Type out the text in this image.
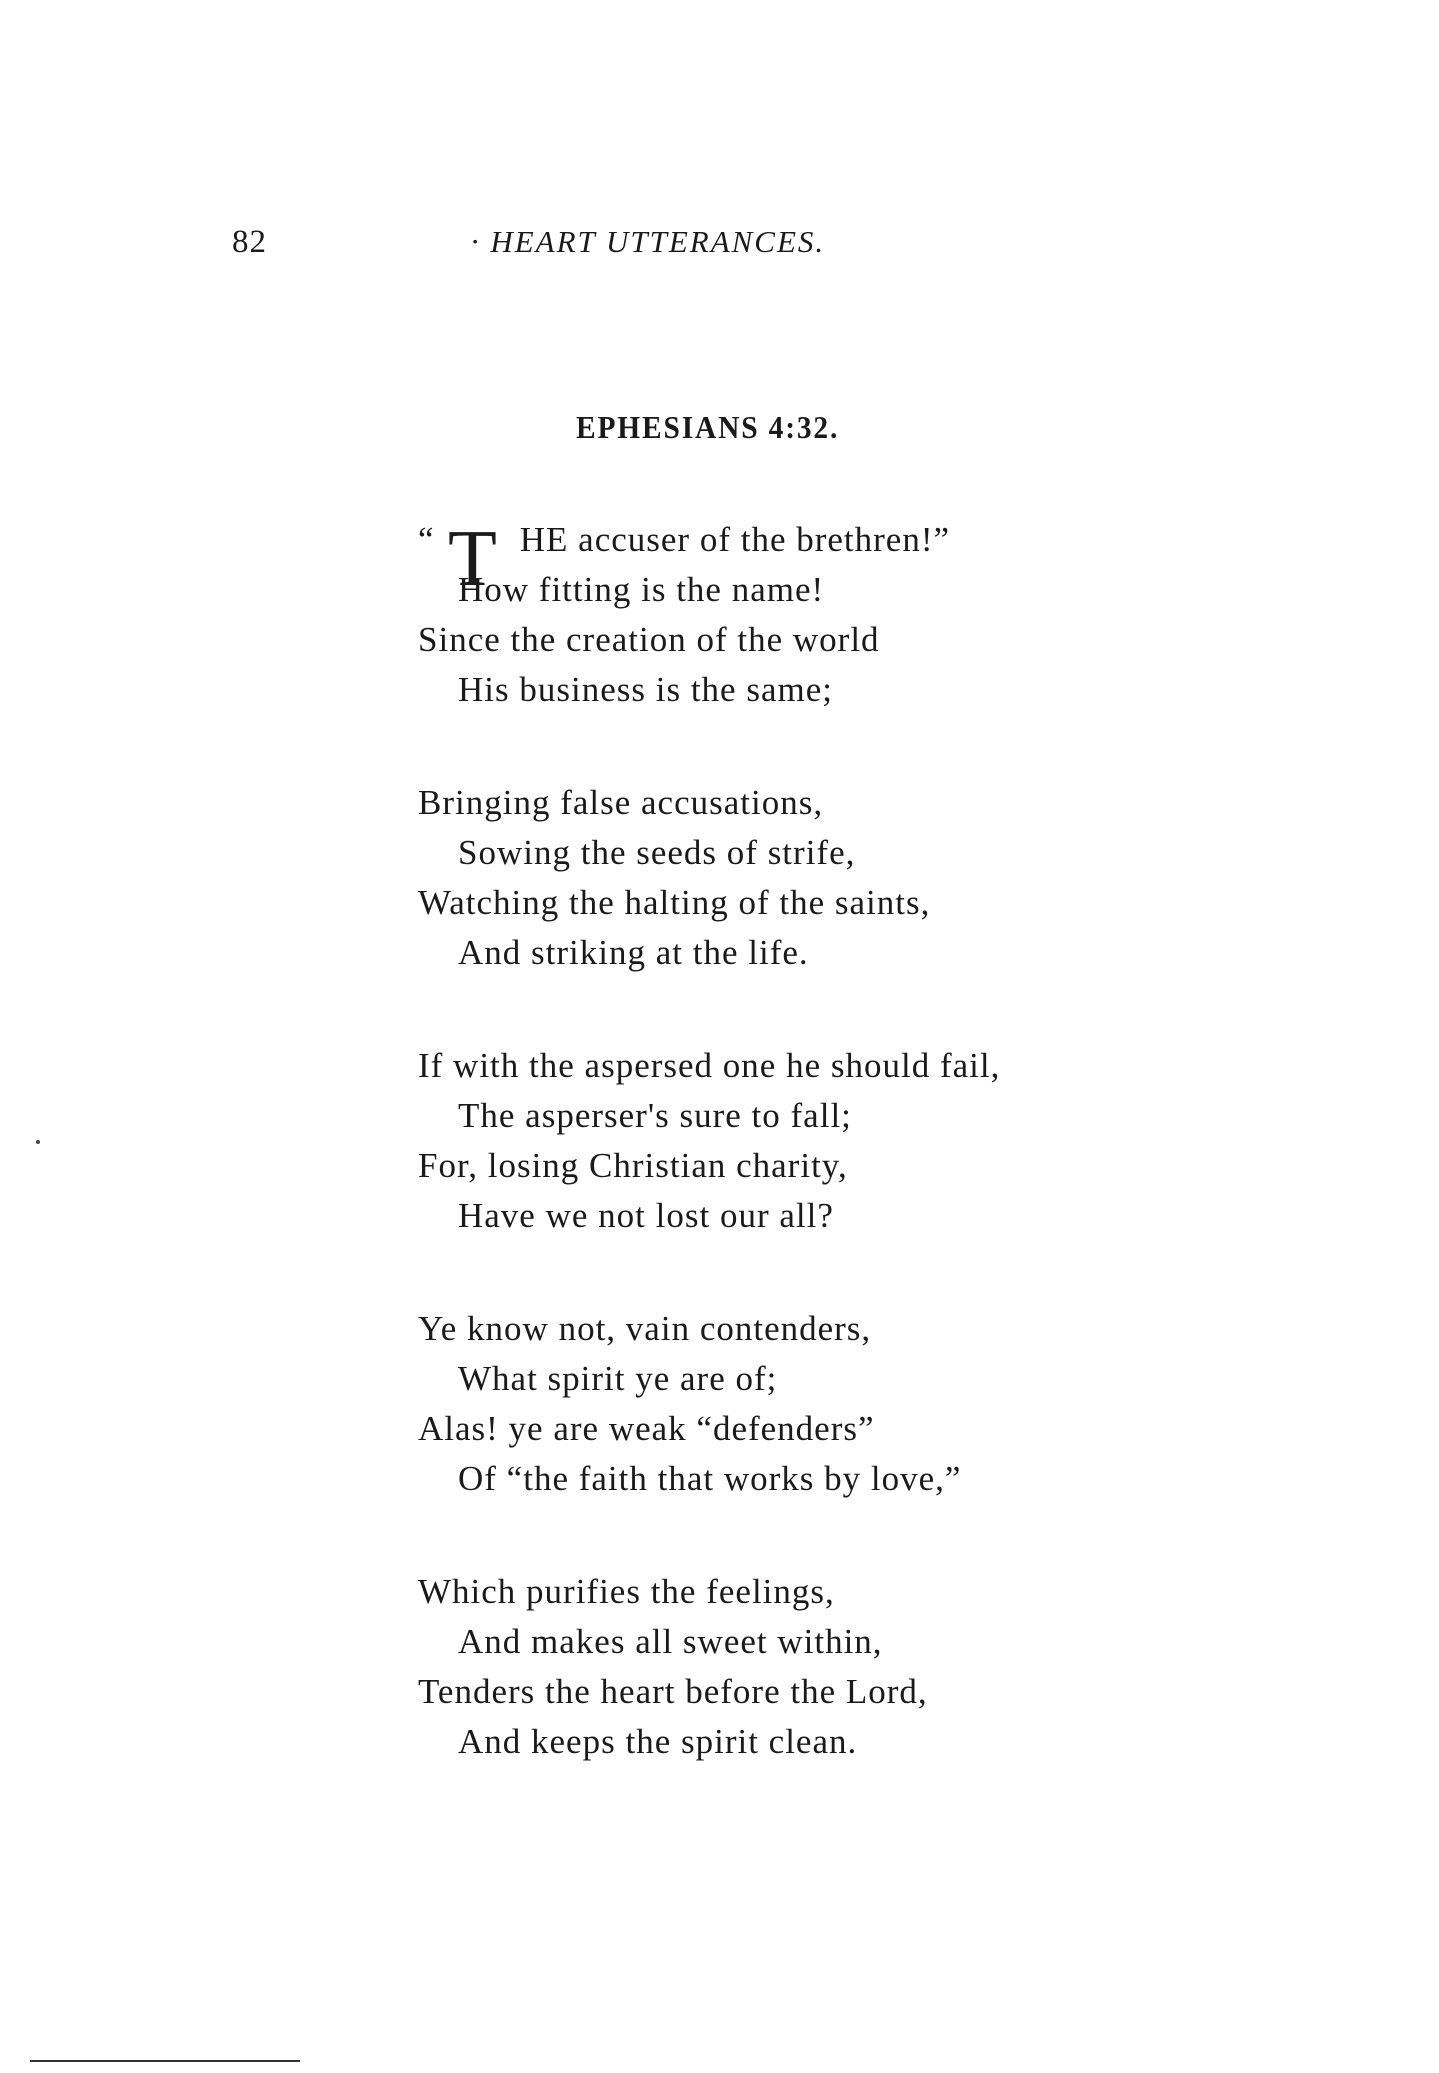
82	· HEART UTTERANCES.
EPHESIANS 4:32.
“ T HE accuser of the brethren!”
How fitting is the name!
Since the creation of the world
His business is the same;
Bringing false accusations,
Sowing the seeds of strife,
Watching the halting of the saints,
And striking at the life.
If with the aspersed one he should fail,
The asperser's sure to fall;
For, losing Christian charity,
Have we not lost our all?
Ye know not, vain contenders,
What spirit ye are of;
Alas! ye are weak “defenders”
Of “the faith that works by love,”
Which purifies the feelings,
And makes all sweet within,
Tenders the heart before the Lord,
And keeps the spirit clean.
